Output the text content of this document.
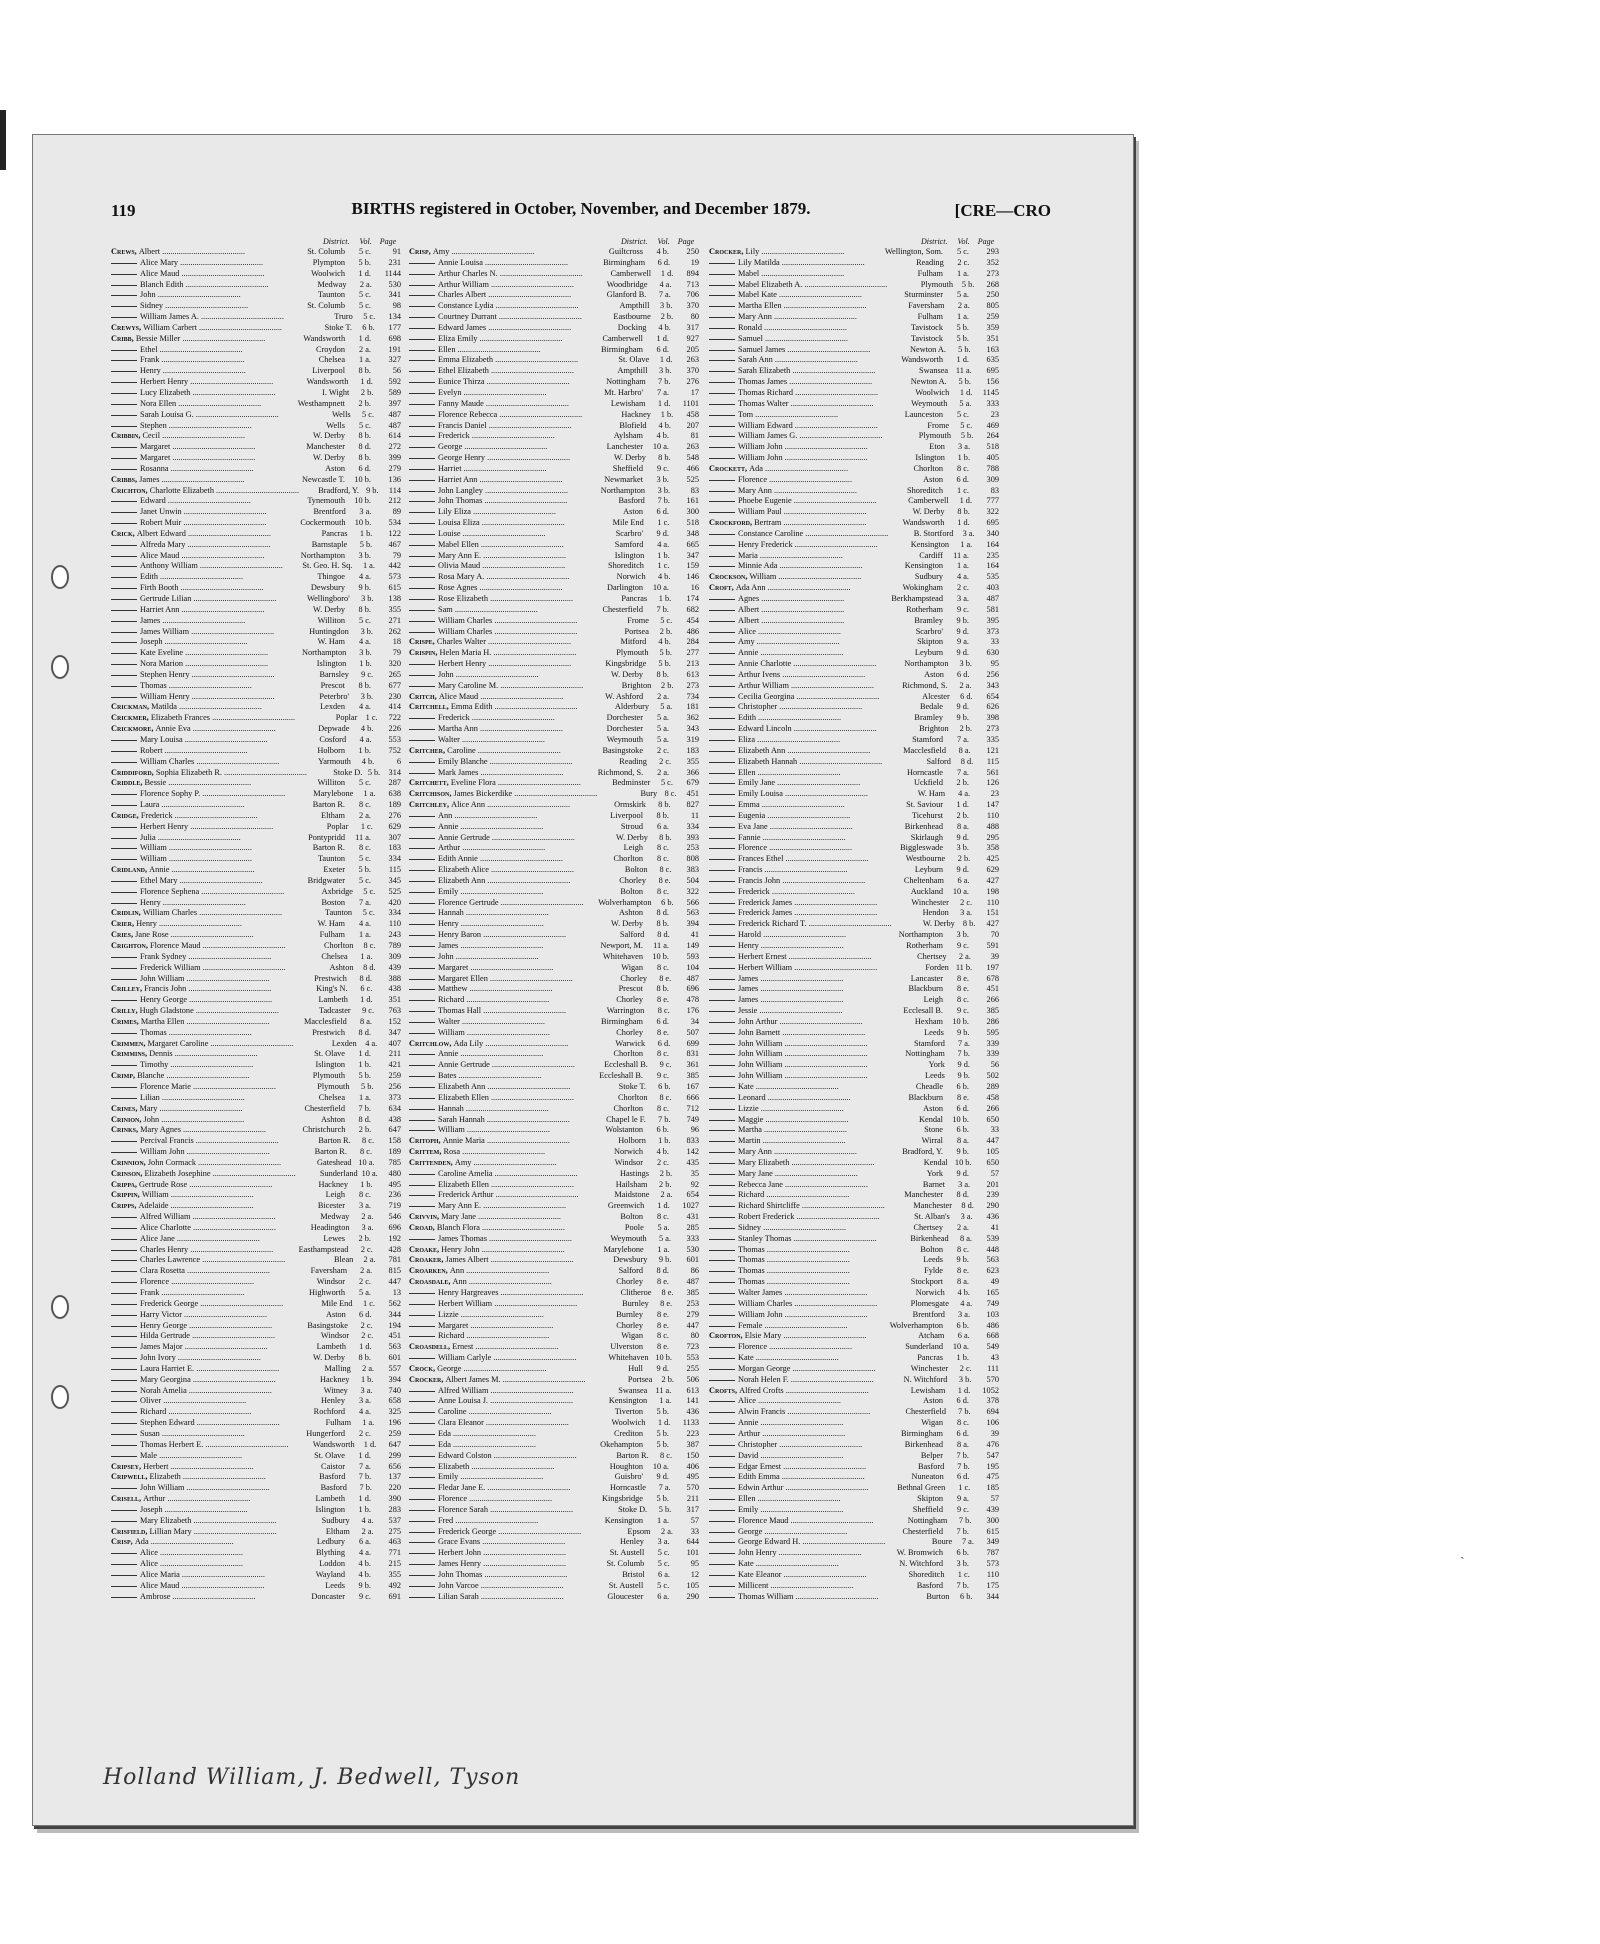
119	BIRTHS registered in October, November, and December 1879.	[CRE—CRO
District. Vol. Page	District. Vol. Page	District. Vol. Page
Crews, Albert ........................................	St. Columb	5 c.	91
Alice Mary ........................................	Plympton	5 b.	231
Alice Maud ........................................	Woolwich	1 d.	1144
Blanch Edith ........................................	Medway	2 a.	530
John ........................................	Taunton	5 c.	341
Sidney ........................................	St. Columb	5 c.	98
William James A. ........................................	Truro	5 c.	134
Crewys, William Carbert ........................................	Stoke T.	6 b.	177
Cribb, Bessie Miller ........................................	Wandsworth	1 d.	698
Ethel ........................................	Croydon	2 a.	191
Frank ........................................	Chelsea	1 a.	327
Henry ........................................	Liverpool	8 b.	56
Herbert Henry ........................................	Wandsworth	1 d.	592
Lucy Elizabeth ........................................	I. Wight	2 b.	589
Nora Ellen ........................................	Westhampnett	2 b.	397
Sarah Louisa G. ........................................	Wells	5 c.	487
Stephen ........................................	Wells	5 c.	487
Cribbin, Cecil ........................................	W. Derby	8 b.	614
Margaret ........................................	Manchester	8 d.	272
Margaret ........................................	W. Derby	8 b.	399
Rosanna ........................................	Aston	6 d.	279
Cribbs, James ........................................	Newcastle T.	10 b.	136
Crichton, Charlotte Elizabeth ........................................	Bradford, Y. 9 b.	114
Edward ........................................	Tynemouth	10 b.	212
Janet Unwin ........................................	Brentford	3 a.	89
Robert Muir ........................................	Cockermouth	10 b.	534
Crick, Albert Edward ........................................	Pancras	1 b.	122
Alfreda Mary ........................................	Barnstaple	5 b.	467
Alice Maud ........................................	Northampton	3 b.	79
Anthony William ........................................	St. Geo. H. Sq.	1 a.	442
Edith ........................................	Thingoe	4 a.	573
Firth Booth ........................................	Dewsbury	9 b.	615
Gertrude Lilian ........................................	Wellingboro'	3 b.	138
Harriet Ann ........................................	W. Derby	8 b.	355
James ........................................	Williton	5 c.	271
James William ........................................	Huntingdon	3 b.	262
Joseph ........................................	W. Ham	4 a.	18
Kate Eveline ........................................	Northampton	3 b.	79
Nora Marion ........................................	Islington	1 b.	320
Stephen Henry ........................................	Barnsley	9 c.	265
Thomas ........................................	Prescot	8 b.	677
William Henry ........................................	Peterbro'	3 b.	230
Crickman, Matilda ........................................	Lexden	4 a.	414
Crickmer, Elizabeth Frances ........................................	Poplar 1 c.	722
Crickmore, Annie Eva ........................................	Depwade	4 b.	226
Mary Louisa ........................................	Cosford	4 a.	553
Robert ........................................	Holborn	1 b.	752
William Charles ........................................	Yarmouth	4 b.	6
Criddiford, Sophia Elizabeth R. ........................................	Stoke D. 5 b. 314
Criddle, Bessie ........................................	Williton	5 c.	287
Florence Sophy P. ........................................	Marylebone	1 a.	638
Laura ........................................	Barton R.	8 c.	189
Cridge, Frederick ........................................	Eltham	2 a.	276
Herbert Henry ........................................	Poplar	1 c.	629
Julia ........................................	Pontypridd	11 a.	307
William ........................................	Barton R.	8 c.	183
William ........................................	Taunton	5 c.	334
Cridland, Annie ........................................	Exeter	5 b.	115
Ethel Mary ........................................	Bridgwater	5 c.	345
Florence Sephena ........................................	Axbridge	5 c.	525
Henry ........................................	Boston	7 a.	420
Cridlin, William Charles ........................................	Taunton	5 c.	334
Crier, Henry ........................................	W. Ham	4 a.	110
Cries, Jane Rose ........................................	Fulham	1 a.	243
Crighton, Florence Maud ........................................	Chorlton	8 c.	789
Frank Sydney ........................................	Chelsea	1 a.	309
Frederick William ........................................	Ashton	8 d.	439
John William ........................................	Prestwich	8 d.	388
Crilley, Francis John ........................................	King's N.	6 c.	438
Henry George ........................................	Lambeth	1 d.	351
Crilly, Hugh Gladstone ........................................	Tadcaster	9 c.	763
Crimes, Martha Ellen ........................................	Macclesfield	8 a.	152
Thomas ........................................	Prestwich	8 d.	347
Crimmen, Margaret Caroline ........................................	Lexden	4 a.	407
Crimmins, Dennis ........................................	St. Olave	1 d.	211
Timothy ........................................	Islington	1 b.	421
Crimp, Blanche ........................................	Plymouth	5 b.	259
Florence Marie ........................................	Plymouth	5 b.	256
Lilian ........................................	Chelsea	1 a.	373
Crines, Mary ........................................	Chesterfield	7 b.	634
Crinion, John ........................................	Ashton	8 d.	438
Crinks, Mary Agnes ........................................	Christchurch	2 b.	647
Percival Francis ........................................	Barton R.	8 c.	158
William John ........................................	Barton R.	8 c.	189
Crinnion, John Cormack ........................................	Gateshead 10 a.	785
Crinson, Elizabeth Josephine ........................................	Sunderland 10 a.	480
Crippa, Gertrude Rose ........................................	Hackney	1 b.	495
Crippin, William ........................................	Leigh	8 c.	236
Cripps, Adelaide ........................................	Bicester	3 a.	719
Alfred William ........................................	Medway	2 a.	546
Alice Charlotte ........................................	Headington	3 a.	696
Alice Jane ........................................	Lewes	2 b.	192
Charles Henry ........................................	Easthampstead	2 c.	428
Charles Lawrence ........................................	Blean	2 a.	781
Clara Rosetta ........................................	Faversham	2 a.	815
Florence ........................................	Windsor	2 c.	447
Frank ........................................	Highworth	5 a.	13
Frederick George ........................................	Mile End	1 c.	562
Harry Victor ........................................	Aston	6 d.	344
Henry George ........................................	Basingstoke	2 c.	194
Hilda Gertrude ........................................	Windsor	2 c.	451
James Major ........................................	Lambeth	1 d.	563
John Ivory ........................................	W. Derby	8 b.	601
Laura Harriet E. ........................................	Malling	2 a.	557
Mary Georgina ........................................	Hackney	1 b.	394
Norah Amelia ........................................	Witney	3 a.	740
Oliver ........................................	Henley	3 a.	658
Richard ........................................	Rochford	4 a.	325
Stephen Edward ........................................	Fulham	1 a.	196
Susan ........................................	Hungerford	2 c.	259
Thomas Herbert E. ........................................	Wandsworth	1 d.	647
Male ........................................	St. Olave	1 d.	299
Cripsey, Herbert ........................................	Caistor	7 a.	656
Cripwell, Elizabeth ........................................	Basford	7 b.	137
John William ........................................	Basford	7 b.	220
Crisell, Arthur ........................................	Lambeth	1 d.	390
Joseph ........................................	Islington	1 b.	283
Mary Elizabeth ........................................	Sudbury	4 a.	537
Crisfield, Lillian Mary ........................................	Eltham	2 a.	275
Crisp, Ada ........................................	Ledbury	6 a.	463
Alice ........................................	Blything	4 a.	771
Alice ........................................	Loddon	4 b.	215
Alice Maria ........................................	Wayland	4 b.	355
Alice Maud ........................................	Leeds	9 b.	492
Ambrose ........................................	Doncaster	9 c.	691
Crisp, Amy ........................................	Guiltcross	4 b.	250
Annie Louisa ........................................	Birmingham	6 d.	19
Arthur Charles N. ........................................	Camberwell	1 d.	894
Arthur William ........................................	Woodbridge	4 a.	713
Charles Albert ........................................	Glanford B.	7 a.	706
Constance Lydia ........................................	Ampthill	3 b.	370
Courtney Durrant ........................................	Eastbourne	2 b.	80
Edward James ........................................	Docking	4 b.	317
Eliza Emily ........................................	Camberwell	1 d.	927
Ellen ........................................	Birmingham	6 d.	205
Emma Elizabeth ........................................	St. Olave	1 d.	263
Ethel Elizabeth ........................................	Ampthill	3 b.	370
Eunice Thirza ........................................	Nottingham	7 b.	276
Evelyn ........................................	Mt. Harbro'	7 a.	17
Fanny Maude ........................................	Lewisham	1 d.	1101
Florence Rebecca ........................................	Hackney	1 b.	458
Francis Daniel ........................................	Blofield	4 b.	207
Frederick ........................................	Aylsham	4 b.	81
George ........................................	Lanchester	10 a.	263
George Henry ........................................	W. Derby	8 b.	548
Harriet ........................................	Sheffield	9 c.	466
Harriet Ann ........................................	Newmarket	3 b.	525
John Langley ........................................	Northampton	3 b.	83
John Thomas ........................................	Basford	7 b.	161
Lily Eliza ........................................	Aston	6 d.	300
Louisa Eliza ........................................	Mile End	1 c.	518
Louise ........................................	Scarbro'	9 d.	348
Mabel Ellen ........................................	Samford	4 a.	665
Mary Ann E. ........................................	Islington	1 b.	347
Olivia Maud ........................................	Shoreditch	1 c.	159
Rosa Mary A. ........................................	Norwich	4 b.	146
Rose Agnes ........................................	Darlington	10 a.	16
Rose Elizabeth ........................................	Pancras	1 b.	174
Sam ........................................	Chesterfield	7 b.	682
William Charles ........................................	Frome	5 c.	454
William Charles ........................................	Portsea	2 b.	486
Crispe, Charles Walter ........................................	Mitford	4 b.	284
Crispin, Helen Maria H. ........................................	Plymouth	5 b.	277
Herbert Henry ........................................	Kingsbridge	5 b.	213
John ........................................	W. Derby	8 b.	613
Mary Caroline M. ........................................	Brighton	2 b.	273
Critch, Alice Maud ........................................	W. Ashford	2 a.	734
Critchell, Emma Edith ........................................	Alderbury	5 a.	181
Frederick ........................................	Dorchester	5 a.	362
Martha Ann ........................................	Dorchester	5 a.	343
Walter ........................................	Weymouth	5 a.	319
Critcher, Caroline ........................................	Basingstoke	2 c.	183
Emily Blanche ........................................	Reading	2 c.	355
Mark James ........................................	Richmond, S.	2 a.	366
Critchett, Eveline Flora ........................................	Bedminster	5 c.	679
Critchison, James Bickerdike ........................................	Bury 8 c.	451
Critchley, Alice Ann ........................................	Ormskirk	8 b.	827
Ann ........................................	Liverpool	8 b.	11
Annie ........................................	Stroud	6 a.	334
Annie Gertrude ........................................	W. Derby	8 b.	393
Arthur ........................................	Leigh	8 c.	253
Edith Annie ........................................	Chorlton	8 c.	808
Elizabeth Alice ........................................	Bolton	8 c.	383
Elizabeth Ann ........................................	Chorley	8 e.	504
Emily ........................................	Bolton	8 c.	322
Florence Gertrude ........................................	Wolverhampton	6 b.	566
Hannah ........................................	Ashton	8 d.	563
Henry ........................................	W. Derby	8 b.	394
Henry Baron ........................................	Salford	8 d.	41
James ........................................	Newport, M.	11 a.	149
John ........................................	Whitehaven	10 b.	593
Margaret ........................................	Wigan	8 c.	104
Margaret Ellen ........................................	Chorley	8 e.	487
Matthew ........................................	Prescot	8 b.	696
Richard ........................................	Chorley	8 e.	478
Thomas Hall ........................................	Warrington	8 c.	176
Walter ........................................	Birmingham	6 d.	34
William ........................................	Chorley	8 e.	507
Critchlow, Ada Lily ........................................	Warwick	6 d.	699
Annie ........................................	Chorlton	8 c.	831
Annie Gertrude ........................................	Eccleshall B.	9 c.	361
Bates ........................................	Eccleshall B.	9 c.	385
Elizabeth Ann ........................................	Stoke T.	6 b.	167
Elizabeth Ellen ........................................	Chorlton	8 c.	666
Hannah ........................................	Chorlton	8 c.	712
Sarah Hannah ........................................	Chapel le F.	7 b.	749
William ........................................	Wolstanton	6 b.	96
Critoph, Annie Maria ........................................	Holborn	1 b.	833
Crittem, Rosa ........................................	Norwich	4 b.	142
Crittenden, Amy ........................................	Windsor	2 c.	435
Caroline Amelia ........................................	Hastings	2 b.	35
Elizabeth Ellen ........................................	Hailsham	2 b.	92
Frederick Arthur ........................................	Maidstone	2 a.	654
Mary Ann E. ........................................	Greenwich	1 d.	1027
Crivvin, Mary Jane ........................................	Bolton	8 c.	431
Croad, Blanch Flora ........................................	Poole	5 a.	285
James Thomas ........................................	Weymouth	5 a.	333
Croake, Henry John ........................................	Marylebone	1 a.	530
Croaker, James Albert ........................................	Dewsbury	9 b.	601
Croarken, Ann ........................................	Salford	8 d.	86
Croasdale, Ann ........................................	Chorley	8 e.	487
Henry Hargreaves ........................................	Clitheroe	8 e.	385
Herbert William ........................................	Burnley	8 e.	253
Lizzie ........................................	Burnley	8 e.	279
Margaret ........................................	Chorley	8 e.	447
Richard ........................................	Wigan	8 c.	80
Croasdell, Ernest ........................................	Ulverston	8 e.	723
William Carlyle ........................................	Whitehaven 10 b.	553
Crock, George ........................................	Hull	9 d.	255
Crocker, Albert James M. ........................................	Portsea	2 b.	506
Alfred William ........................................	Swansea 11 a.	613
Anne Louisa J. ........................................	Kensington	1 a.	141
Caroline ........................................	Tiverton	5 b.	436
Clara Eleanor ........................................	Woolwich	1 d.	1133
Eda ........................................	Crediton	5 b.	223
Eda ........................................	Okehampton	5 b.	387
Edward Colston ........................................	Barton R.	8 c.	150
Elizabeth ........................................	Houghton	10 a.	406
Emily ........................................	Guisbro'	9 d.	495
Fledar Jane E. ........................................	Horncastle	7 a.	570
Florence ........................................	Kingsbridge	5 b.	211
Florence Sarah ........................................	Stoke D.	5 b.	317
Fred ........................................	Kensington	1 a.	57
Frederick George ........................................	Epsom	2 a.	33
Grace Evans ........................................	Henley	3 a.	644
Herbert John ........................................	St. Austell	5 c.	101
James Henry ........................................	St. Columb	5 c.	95
John Thomas ........................................	Bristol	6 a.	12
John Varcoe ........................................	St. Austell	5 c.	105
Lilian Sarah ........................................	Gloucester	6 a.	290
Crocker, Lily ........................................	Wellington, Som.	5 c.	293
Lily Matilda ........................................	Reading	2 c.	352
Mabel ........................................	Fulham	1 a.	273
Mabel Elizabeth A. ........................................	Plymouth	5 b.	268
Mabel Kate ........................................	Sturminster	5 a.	250
Martha Ellen ........................................	Faversham	2 a.	805
Mary Ann ........................................	Fulham	1 a.	259
Ronald ........................................	Tavistock	5 b.	359
Samuel ........................................	Tavistock	5 b.	351
Samuel James ........................................	Newton A.	5 b.	163
Sarah Ann ........................................	Wandsworth	1 d.	635
Sarah Elizabeth ........................................	Swansea 11 a.	695
Thomas James ........................................	Newton A.	5 b.	156
Thomas Richard ........................................	Woolwich	1 d.	1145
Thomas Walter ........................................	Weymouth	5 a.	333
Tom ........................................	Launceston	5 c.	23
William Edward ........................................	Frome	5 c.	469
William James G. ........................................	Plymouth	5 b.	264
William John ........................................	Eton	3 a.	518
William John ........................................	Islington	1 b.	405
Crockett, Ada ........................................	Chorlton	8 c.	788
Florence ........................................	Aston	6 d.	309
Mary Ann ........................................	Shoreditch	1 c.	83
Phoebe Eugenie ........................................	Camberwell	1 d.	777
William Paul ........................................	W. Derby	8 b.	322
Crockford, Bertram ........................................	Wandsworth	1 d.	695
Constance Caroline ........................................	B. Stortford	3 a.	340
Henry Frederick ........................................	Kensington	1 a.	164
Maria ........................................	Cardiff	11 a.	235
Minnie Ada ........................................	Kensington	1 a.	164
Crockson, William ........................................	Sudbury	4 a.	535
Croft, Ada Ann ........................................	Wokingham	2 c.	403
Agnes ........................................	Berkhampstead	3 a.	487
Albert ........................................	Rotherham	9 c.	581
Albert ........................................	Bramley	9 b.	395
Alice ........................................	Scarbro'	9 d.	373
Amy ........................................	Skipton	9 a.	33
Annie ........................................	Leyburn	9 d.	630
Annie Charlotte ........................................	Northampton	3 b.	95
Arthur Ivens ........................................	Aston	6 d.	256
Arthur William ........................................	Richmond, S.	2 a.	343
Cecilia Georgina ........................................	Alcester	6 d.	654
Christopher ........................................	Bedale	9 d.	626
Edith ........................................	Bramley	9 b.	398
Edward Lincoln ........................................	Brighton	2 b.	273
Eliza ........................................	Stamford	7 a.	335
Elizabeth Ann ........................................	Macclesfield	8 a.	121
Elizabeth Hannah ........................................	Salford	8 d.	115
Ellen ........................................	Horncastle	7 a.	561
Emily Jane ........................................	Uckfield	2 b.	126
Emily Louisa ........................................	W. Ham	4 a.	23
Emma ........................................	St. Saviour	1 d.	147
Eugenia ........................................	Ticehurst	2 b.	110
Eva Jane ........................................	Birkenhead	8 a.	488
Fannie ........................................	Skirlaugh	9 d.	295
Florence ........................................	Biggleswade	3 b.	358
Frances Ethel ........................................	Westbourne	2 b.	425
Francis ........................................	Leyburn	9 d.	629
Francis John ........................................	Cheltenham	6 a.	427
Frederick ........................................	Auckland	10 a.	198
Frederick James ........................................	Winchester	2 c.	110
Frederick James ........................................	Hendon	3 a.	151
Frederick Richard T. ........................................	W. Derby 8 b.	427
Harold ........................................	Northampton	3 b.	70
Henry ........................................	Rotherham	9 c.	591
Herbert Ernest ........................................	Chertsey	2 a.	39
Herbert William ........................................	Forden 11 b.	197
James ........................................	Lancaster	8 e.	678
James ........................................	Blackburn	8 e.	451
James ........................................	Leigh	8 c.	266
Jessie ........................................	Ecclesall B.	9 c.	385
John Arthur ........................................	Hexham	10 b.	286
John Barnett ........................................	Leeds	9 b.	595
John William ........................................	Stamford	7 a.	339
John William ........................................	Nottingham	7 b.	339
John William ........................................	York	9 d.	56
John William ........................................	Leeds	9 b.	502
Kate ........................................	Cheadle	6 b.	289
Leonard ........................................	Blackburn	8 e.	458
Lizzie ........................................	Aston	6 d.	266
Maggie ........................................	Kendal	10 b.	650
Martha ........................................	Stone	6 b.	33
Martin ........................................	Wirral	8 a.	447
Mary Ann ........................................	Bradford, Y.	9 b.	105
Mary Elizabeth ........................................	Kendal 10 b.	650
Mary Jane ........................................	York	9 d.	57
Rebecca Jane ........................................	Barnet	3 a.	201
Richard ........................................	Manchester	8 d.	239
Richard Shirtcliffe ........................................	Manchester	8 d.	290
Robert Frederick ........................................	St. Alban's	3 a.	436
Sidney ........................................	Chertsey	2 a.	41
Stanley Thomas ........................................	Birkenhead	8 a.	539
Thomas ........................................	Bolton	8 c.	448
Thomas ........................................	Leeds	9 b.	563
Thomas ........................................	Fylde	8 e.	623
Thomas ........................................	Stockport	8 a.	49
Walter James ........................................	Norwich	4 b.	165
William Charles ........................................	Plomesgate	4 a.	749
William John ........................................	Brentford	3 a.	103
Female ........................................	Wolverhampton	6 b.	486
Crofton, Elsie Mary ........................................	Atcham	6 a.	668
Florence ........................................	Sunderland	10 a.	549
Kate ........................................	Pancras	1 b.	43
Morgan George ........................................	Winchester	2 c.	111
Norah Helen F. ........................................	N. Witchford	3 b.	570
Crofts, Alfred Crofts ........................................	Lewisham	1 d.	1052
Alice ........................................	Aston	6 d.	378
Alwin Francis ........................................	Chesterfield	7 b.	694
Annie ........................................	Wigan	8 c.	106
Arthur ........................................	Birmingham	6 d.	39
Christopher ........................................	Birkenhead	8 a.	476
David ........................................	Belper	7 b.	547
Edgar Ernest ........................................	Basford	7 b.	195
Edith Emma ........................................	Nuneaton	6 d.	475
Edwin Arthur ........................................	Bethnal Green	1 c.	185
Ellen ........................................	Skipton	9 a.	57
Emily ........................................	Sheffield	9 c.	439
Florence Maud ........................................	Nottingham	7 b.	300
George ........................................	Chesterfield	7 b.	615
George Edward H. ........................................	Boure	7 a.	349
John Henry ........................................	W. Bromwich	6 b.	787
Kate ........................................	N. Witchford	3 b.	573
Kate Eleanor ........................................	Shoreditch	1 c.	110
Millicent ........................................	Basford	7 b.	175
Thomas William ........................................	Burton	6 b.	344
Holland William, J. Bedwell, Tyson
ˏ
